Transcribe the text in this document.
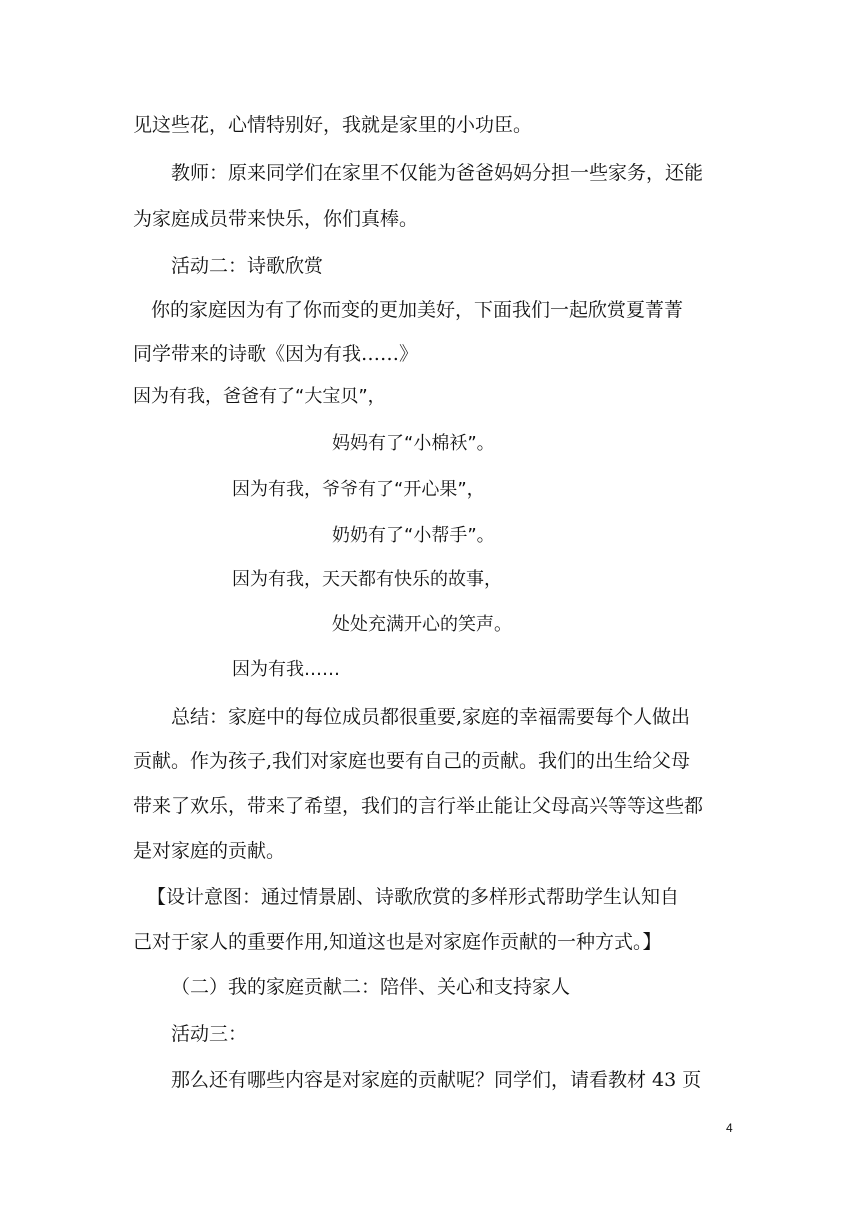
见这些花，心情特别好，我就是家里的小功臣。
教师：原来同学们在家里不仅能为爸爸妈妈分担一些家务，还能
为家庭成员带来快乐，你们真棒。
活动二：诗歌欣赏
你的家庭因为有了你而变的更加美好，下面我们一起欣赏夏菁菁
同学带来的诗歌《因为有我……》
因为有我，爸爸有了“大宝贝”，
妈妈有了“小棉袄”。
因为有我，爷爷有了“开心果”，
奶奶有了“小帮手”。
因为有我，天天都有快乐的故事，
处处充满开心的笑声。
因为有我……
总结：家庭中的每位成员都很重要,家庭的幸福需要每个人做出
贡献。作为孩子,我们对家庭也要有自己的贡献。我们的出生给父母
带来了欢乐，带来了希望，我们的言行举止能让父母高兴等等这些都
是对家庭的贡献。
【设计意图：通过情景剧、诗歌欣赏的多样形式帮助学生认知自
己对于家人的重要作用,知道这也是对家庭作贡献的一种方式。】
（二）我的家庭贡献二：陪伴、关心和支持家人
活动三：
那么还有哪些内容是对家庭的贡献呢？同学们，请看教材 43 页
4
